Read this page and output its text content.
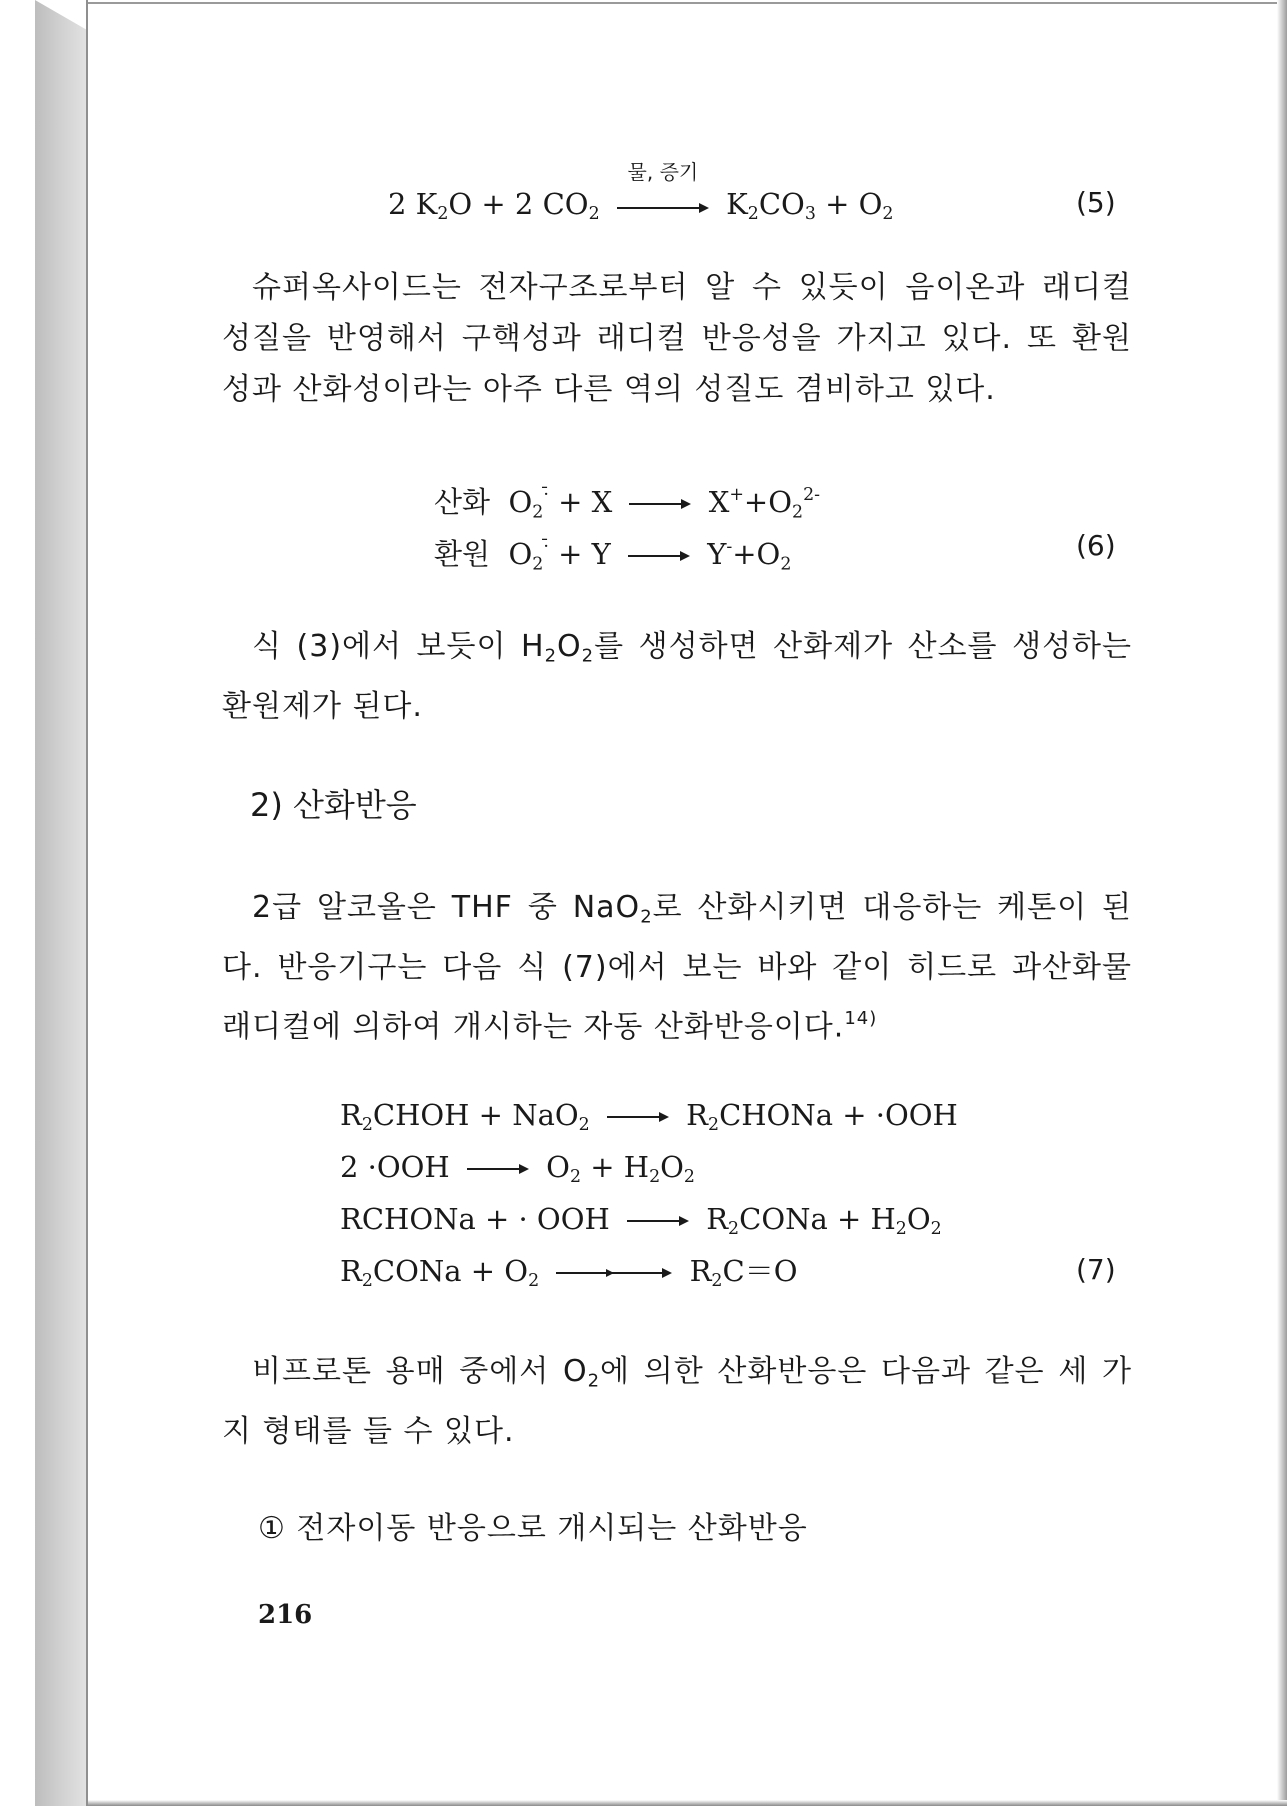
2 $K_2O + 2$ $CO_2$
물, 증기
$K_2CO_3 + O_2$	(5)
슈퍼옥사이드는 전자구조로부터 알 수 있듯이 음이온과 래디컬
성질을 반영해서 구핵성과 래디컬 반응성을 가지고 있다. 또 환원
성과 산화성이라는 아주 다른 역의 성질도 겸비하고 있다.
산화 $O_2^{\cdot̄} + X \to X^++O_2^{2-}$
환원 $O_2^{\cdot̄} + Y \to Y^-+O_2$
(6)
식 (3)에서 보듯이 $H_2O_2$를 생성하면 산화제가 산소를 생성하는
환원제가 된다.
2) 산화반응
2급 알코올은 THF 중 NaO$_2$로 산화시키면 대응하는 케톤이 된
다. 반응기구는 다음 식 (7)에서 보는 바와 같이 히드로 과산화물
래디컬에 의하여 개시하는 자동 산화반응이다.$^{14)}$
$R_2CHOH + NaO_2$ → $R_2CHONa + \cdot OOH$
$2 \cdot OOH \to O_2 + H_2O_2$
RCHONa + · OOH → $R_2CONa + H_2O_2$
$R_2CONa + O_2 \to R_2C=O$	(7)
비프로톤 용매 중에서 $O_2$에 의한 산화반응은 다음과 같은 세 가
지 형태를 들 수 있다.
① 전자이동 반응으로 개시되는 산화반응
216
